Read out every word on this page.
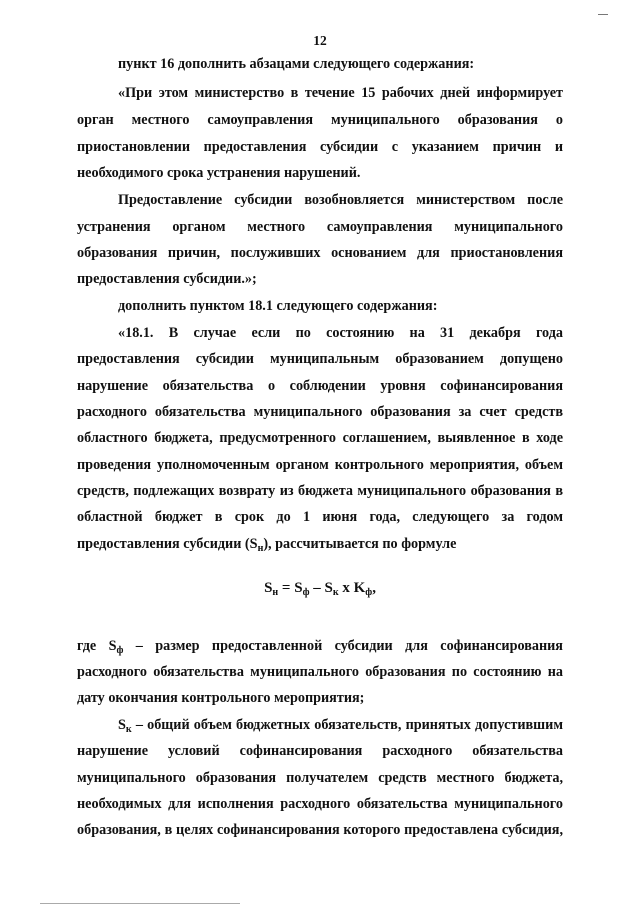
12
пункт 16 дополнить абзацами следующего содержания:
«При этом министерство в течение 15 рабочих дней информирует
орган местного самоуправления муниципального образования о
приостановлении предоставления субсидии с указанием причин и
необходимого срока устранения нарушений.
Предоставление субсидии возобновляется министерством после
устранения органом местного самоуправления муниципального
образования причин, послуживших основанием для приостановления
предоставления субсидии.»;
дополнить пунктом 18.1 следующего содержания:
«18.1. В случае если по состоянию на 31 декабря года
предоставления субсидии муниципальным образованием допущено
нарушение обязательства о соблюдении уровня софинансирования
расходного обязательства муниципального образования за счет средств
областного бюджета, предусмотренного соглашением, выявленное в ходе
проведения уполномоченным органом контрольного мероприятия, объем
средств, подлежащих возврату из бюджета муниципального образования в
областной бюджет в срок до 1 июня года, следующего за годом
предоставления субсидии $(S_н)$, рассчитывается по формуле
$S_н = S_ф - S_к$ x $K_ф$,
где $S_ф$ – размер предоставленной субсидии для софинансирования
расходного обязательства муниципального образования по состоянию на
дату окончания контрольного мероприятия;
$S_к$ – общий объем бюджетных обязательств, принятых допустившим
нарушение условий софинансирования расходного обязательства
муниципального образования получателем средств местного бюджета,
необходимых для исполнения расходного обязательства муниципального
образования, в целях софинансирования которого предоставлена субсидия,
